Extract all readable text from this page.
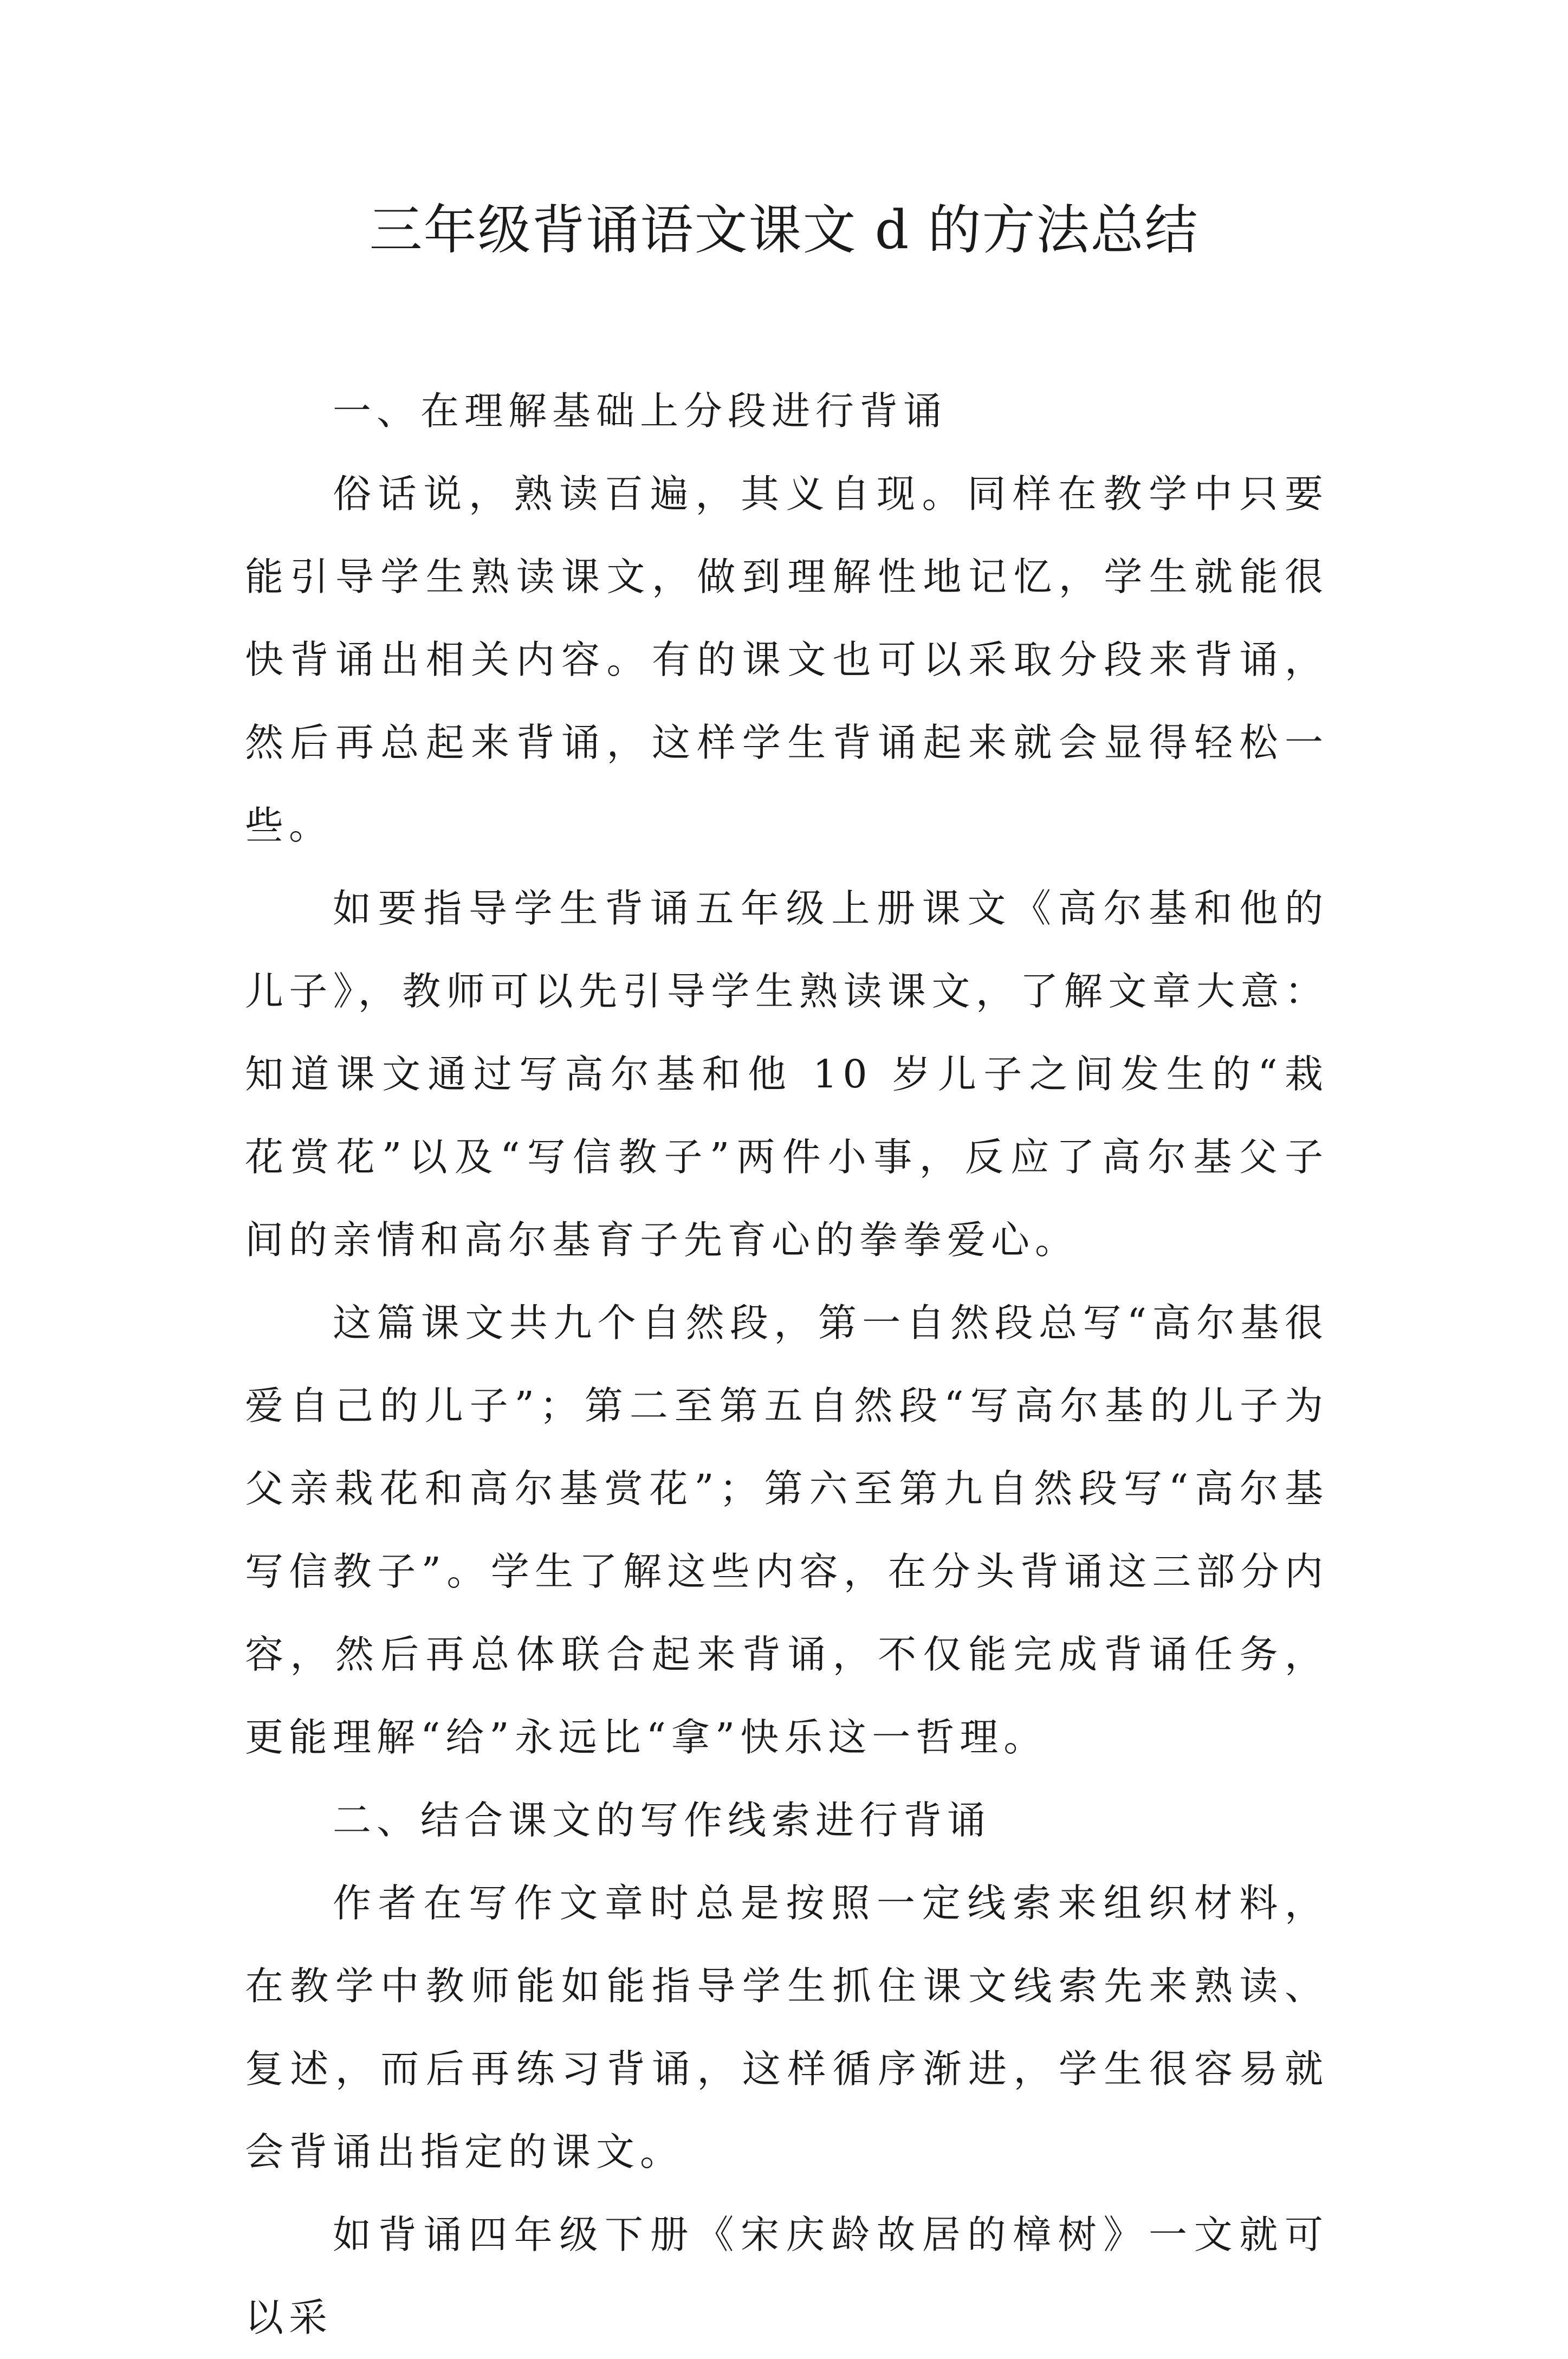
三年级背诵语文课文 d 的方法总结

一、在理解基础上分段进行背诵

俗话说，熟读百遍，其义自现。同样在教学中只要能引导学生熟读课文，做到理解性地记忆，学生就能很快背诵出相关内容。有的课文也可以采取分段来背诵，然后再总起来背诵，这样学生背诵起来就会显得轻松一些。

如要指导学生背诵五年级上册课文《高尔基和他的儿子》，教师可以先引导学生熟读课文，了解文章大意：知道课文通过写高尔基和他 10 岁儿子之间发生的“栽花赏花”以及“写信教子”两件小事，反应了高尔基父子间的亲情和高尔基育子先育心的拳拳爱心。

这篇课文共九个自然段，第一自然段总写“高尔基很爱自己的儿子”；第二至第五自然段“写高尔基的儿子为父亲栽花和高尔基赏花”；第六至第九自然段写“高尔基写信教子”。学生了解这些内容，在分头背诵这三部分内容，然后再总体联合起来背诵，不仅能完成背诵任务，更能理解“给”永远比“拿”快乐这一哲理。

二、结合课文的写作线索进行背诵

作者在写作文章时总是按照一定线索来组织材料，在教学中教师能如能指导学生抓住课文线索先来熟读、复述，而后再练习背诵，这样循序渐进，学生很容易就会背诵出指定的课文。

如背诵四年级下册《宋庆龄故居的樟树》一文就可以采
